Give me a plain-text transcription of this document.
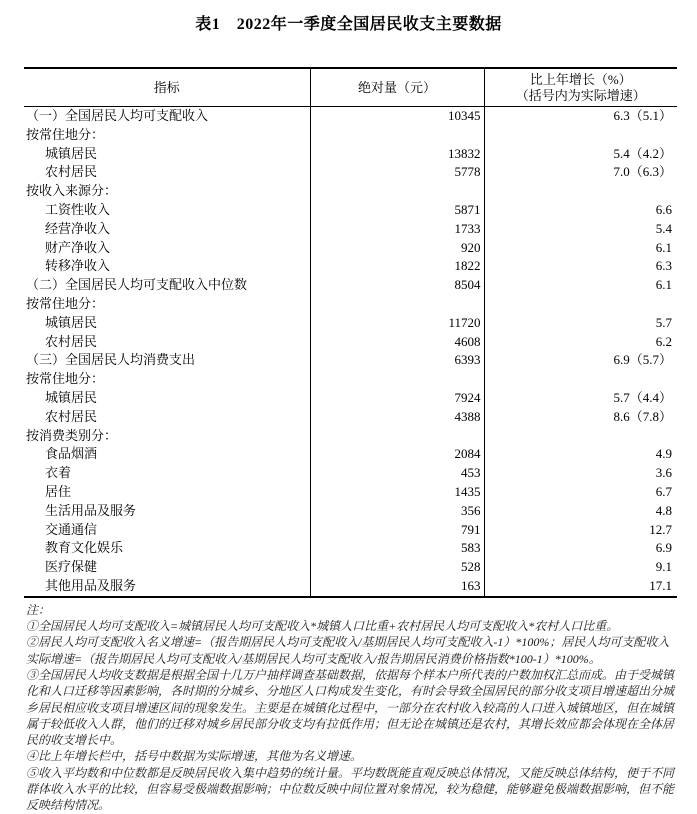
表1　2022年一季度全国居民收支主要数据
指标	绝对量（元）	比上年增长（%）
（括号内为实际增速）

（一）全国居民人均可支配收入	10345	6.3（5.1）
按常住地分：		
城镇居民	13832	5.4（4.2）
农村居民	5778	7.0（6.3）
按收入来源分：		
工资性收入	5871	6.6
经营净收入	1733	5.4
财产净收入	920	6.1
转移净收入	1822	6.3
（二）全国居民人均可支配收入中位数	8504	6.1
按常住地分：		
城镇居民	11720	5.7
农村居民	4608	6.2
（三）全国居民人均消费支出	6393	6.9（5.7）
按常住地分：		
城镇居民	7924	5.7（4.4）
农村居民	4388	8.6（7.8）
按消费类别分：		
食品烟酒	2084	4.9
衣着	453	3.6
居住	1435	6.7
生活用品及服务	356	4.8
交通通信	791	12.7
教育文化娱乐	583	6.9
医疗保健	528	9.1
其他用品及服务	163	17.1
注：
①全国居民人均可支配收入=城镇居民人均可支配收入*城镇人口比重+农村居民人均可支配收入*农村人口比重。
②居民人均可支配收入名义增速=（报告期居民人均可支配收入/基期居民人均可支配收入-1）*100%；居民人均可支配收入实际增速=（报告期居民人均可支配收入/基期居民人均可支配收入/报告期居民消费价格指数*100-1）*100%。
③全国居民人均收支数据是根据全国十几万户抽样调查基础数据，依据每个样本户所代表的户数加权汇总而成。由于受城镇化和人口迁移等因素影响，各时期的分城乡、分地区人口构成发生变化，有时会导致全国居民的部分收支项目增速超出分城乡居民相应收支项目增速区间的现象发生。主要是在城镇化过程中，一部分在农村收入较高的人口进入城镇地区，但在城镇属于较低收入人群，他们的迁移对城乡居民部分收支均有拉低作用；但无论在城镇还是农村，其增长效应都会体现在全体居民的收支增长中。
④比上年增长栏中，括号中数据为实际增速，其他为名义增速。
⑤收入平均数和中位数都是反映居民收入集中趋势的统计量。平均数既能直观反映总体情况，又能反映总体结构，便于不同群体收入水平的比较，但容易受极端数据影响；中位数反映中间位置对象情况，较为稳健，能够避免极端数据影响，但不能反映结构情况。
